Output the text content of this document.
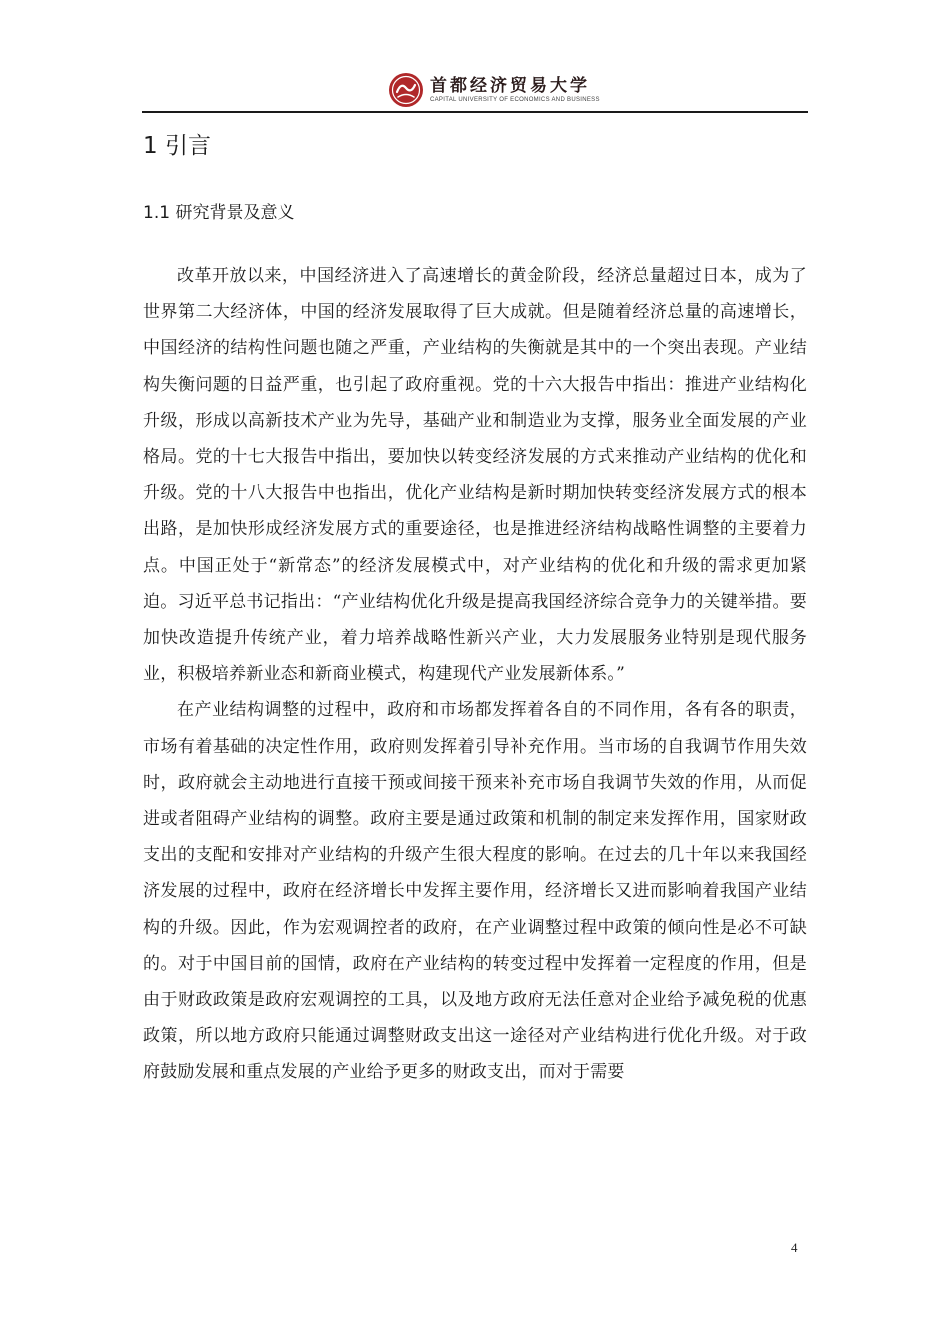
首都经济贸易大学
CAPITAL UNIVERSITY OF ECONOMICS AND BUSINESS
1 引言
1.1 研究背景及意义

改革开放以来，中国经济进入了高速增长的黄金阶段，经济总量超过日本，成为了世界第二大经济体，中国的经济发展取得了巨大成就。但是随着经济总量的高速增长，中国经济的结构性问题也随之严重，产业结构的失衡就是其中的一个突出表现。产业结构失衡问题的日益严重，也引起了政府重视。党的十六大报告中指出：推进产业结构化升级，形成以高新技术产业为先导，基础产业和制造业为支撑，服务业全面发展的产业格局。党的十七大报告中指出，要加快以转变经济发展的方式来推动产业结构的优化和升级。党的十八大报告中也指出，优化产业结构是新时期加快转变经济发展方式的根本出路，是加快形成经济发展方式的重要途径，也是推进经济结构战略性调整的主要着力点。中国正处于“新常态”的经济发展模式中，对产业结构的优化和升级的需求更加紧迫。习近平总书记指出：“产业结构优化升级是提高我国经济综合竞争力的关键举措。要加快改造提升传统产业，着力培养战略性新兴产业，大力发展服务业特别是现代服务业，积极培养新业态和新商业模式，构建现代产业发展新体系。”

在产业结构调整的过程中，政府和市场都发挥着各自的不同作用，各有各的职责，市场有着基础的决定性作用，政府则发挥着引导补充作用。当市场的自我调节作用失效时，政府就会主动地进行直接干预或间接干预来补充市场自我调节失效的作用，从而促进或者阻碍产业结构的调整。政府主要是通过政策和机制的制定来发挥作用，国家财政支出的支配和安排对产业结构的升级产生很大程度的影响。在过去的几十年以来我国经济发展的过程中，政府在经济增长中发挥主要作用，经济增长又进而影响着我国产业结构的升级。因此，作为宏观调控者的政府，在产业调整过程中政策的倾向性是必不可缺的。对于中国目前的国情，政府在产业结构的转变过程中发挥着一定程度的作用，但是由于财政政策是政府宏观调控的工具，以及地方政府无法任意对企业给予减免税的优惠政策，所以地方政府只能通过调整财政支出这一途径对产业结构进行优化升级。对于政府鼓励发展和重点发展的产业给予更多的财政支出，而对于需要

4
